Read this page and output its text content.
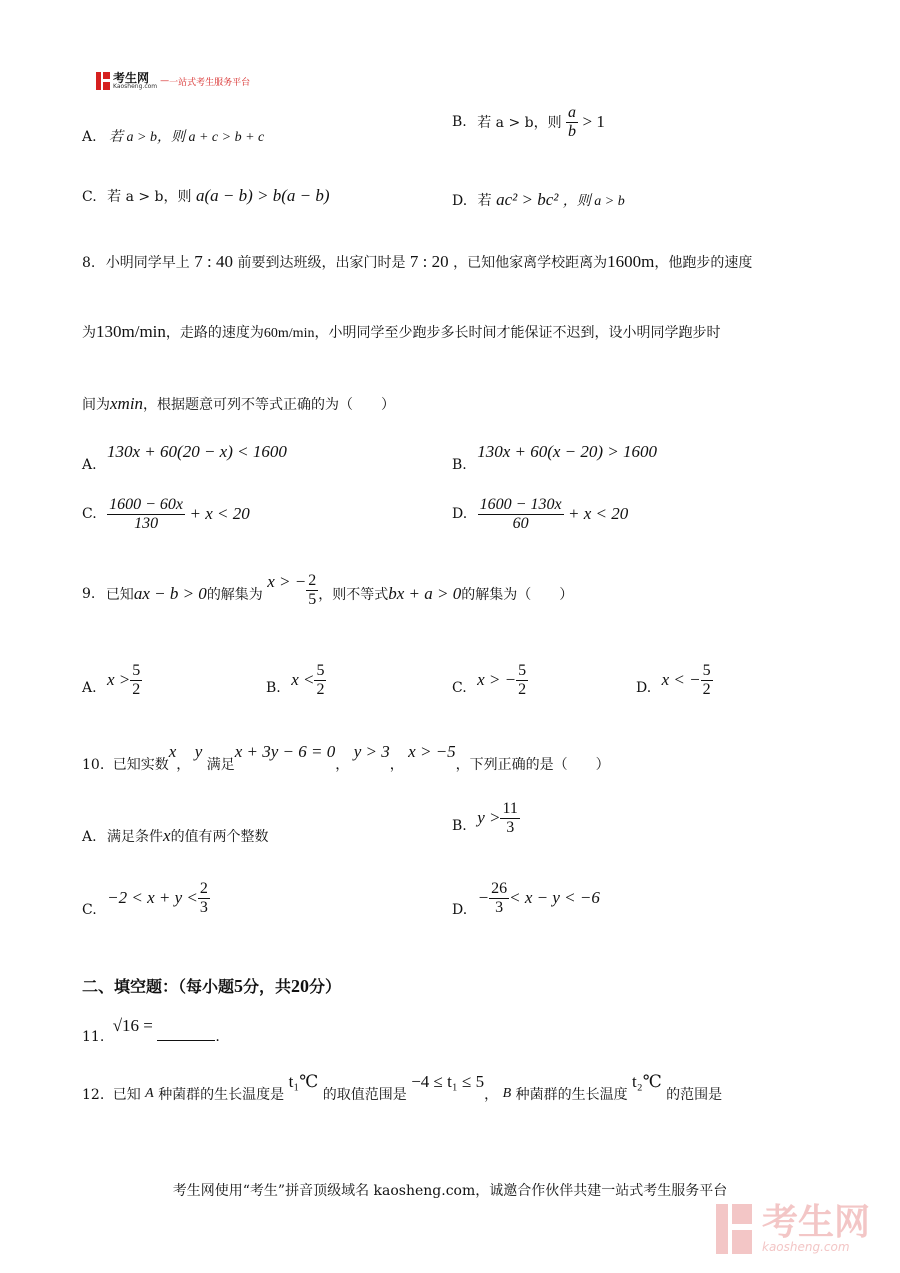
考生网
Kaosheng.com
— 一站式考生服务平台
A. 若 a > b，则 a + c > b + c
B. 若 a > b，则 $\frac{a}{b} > 1$
C. 若 a > b，则 a(a − b) > b(a − b)	D. 若 ac² > bc² ，则 a > b
8. 小明同学早上 7 : 40 前要到达班级，出家门时是 7 : 20 ，已知他家离学校距离为1600m，他跑步的速度
为130m/min，走路的速度为60m/min，小明同学至少跑步多长时间才能保证不迟到，设小明同学跑步时
间为xmin，根据题意可列不等式正确的为（　　）
A. 130x + 60(20 − x) < 1600
B. 130x + 60(x − 20) > 1600
C. $\frac{1600 - 60x}{130} + x < 20$	D. $\frac{1600 - 130x}{60} + x < 20$
9. 已知ax − b > 0的解集为 x > − $\frac{2}{5}$ ，则不等式bx + a > 0的解集为（　　）
A. $x > \frac{5}{2}$	B. $x < \frac{5}{2}$	C. x > − $\frac{5}{2}$	D. x < − $\frac{5}{2}$
10. 已知实数x， y 满足x + 3y − 6 = 0， y > 3， x > −5，下列正确的是（　　）
A. 满足条件x的值有两个整数
B. $y > \frac{11}{3}$
C. $-2 < x + y < \frac{2}{3}$	D. − $\frac{26}{3} < x - y < -6$
二、填空题：（每小题5分，共20分）
11. √16 = .
12. 已知 A 种菌群的生长温度是 t₁℃ 的取值范围是 −4 ≤ t₁ ≤ 5， B 种菌群的生长温度 t₂℃ 的范围是
考生网使用“考生”拼音顶级域名 kaosheng.com，诚邀合作伙伴共建一站式考生服务平台
考生网
kaosheng.com
